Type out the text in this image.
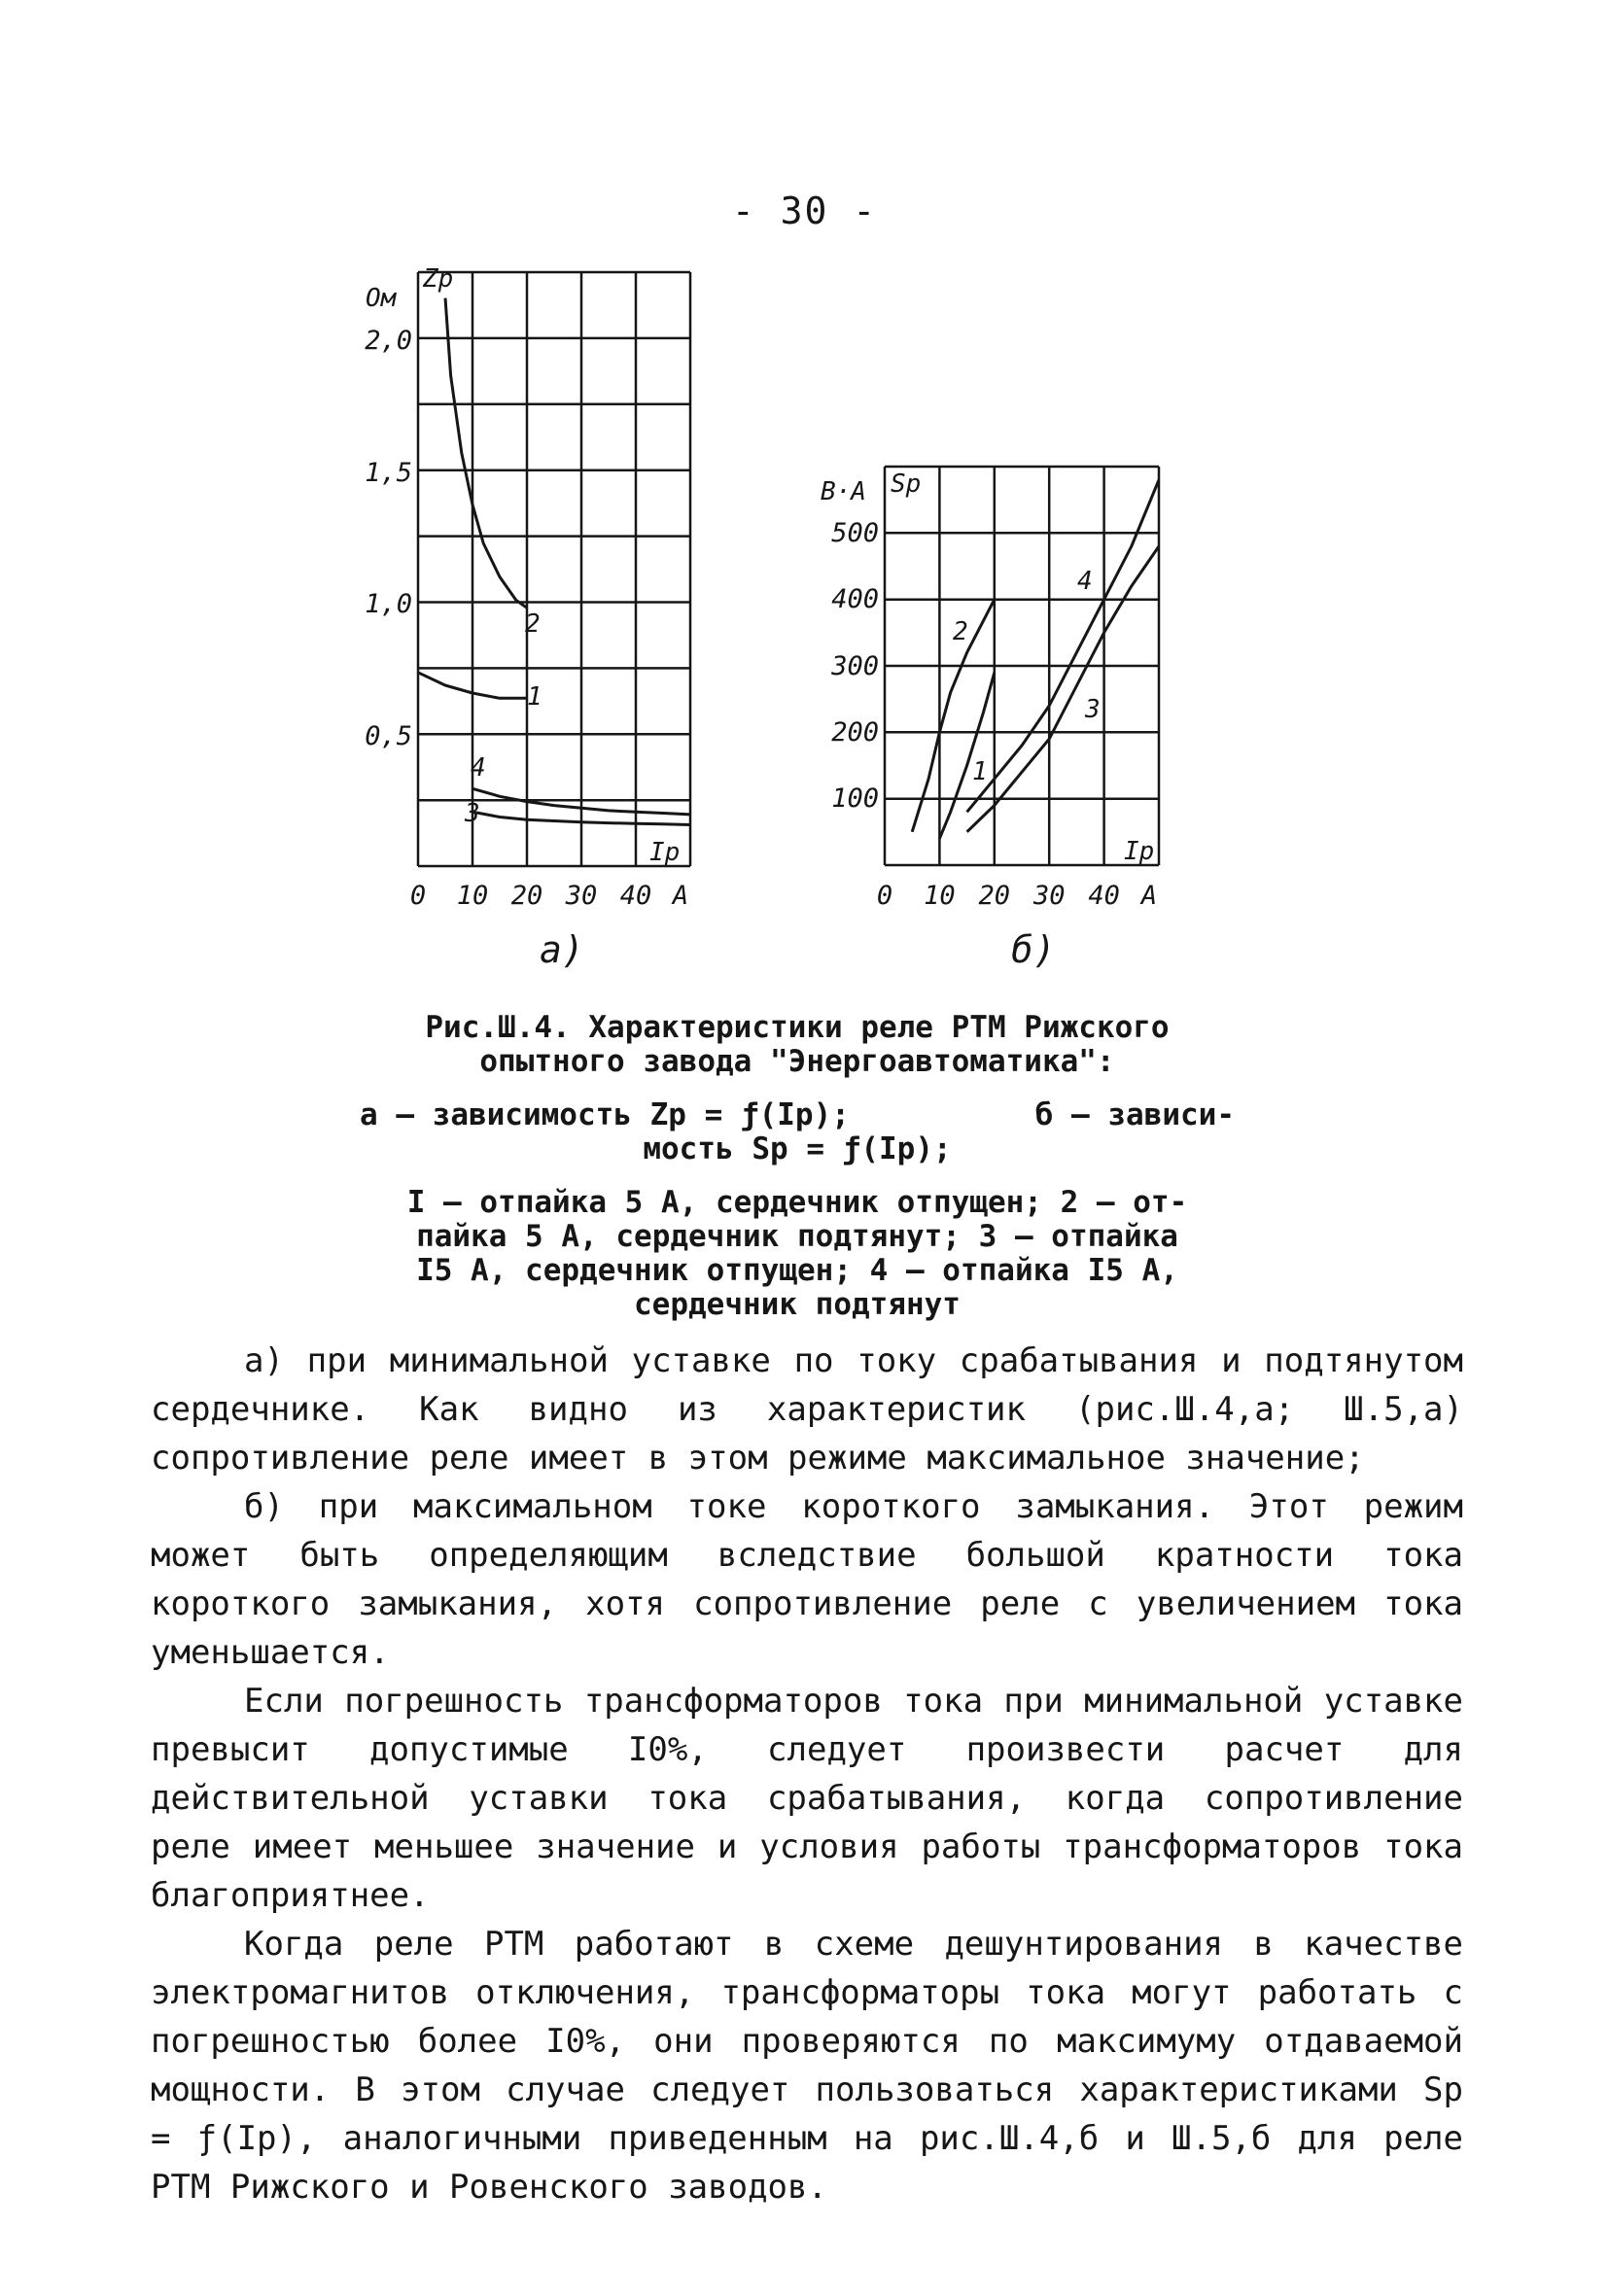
- 30 -
2,0
1,5
1,0
0,5
Ом
Zр
Iр
0 10 20 30 40 А
1
2
3
4
а)
500
400
300
200
100
В·А Sр
Iр
0 10 20 30 40 А
1
2
3
4
б)

Рис.Ш.4. Характеристики реле РТМ Рижского

опытного завода "Энергоавтоматика":

а – зависимость Zр = ƒ(Iр);	б – зависи-

мость Sр = ƒ(Iр);

I – отпайка 5 А, сердечник отпущен; 2 – от-

пайка 5 А, сердечник подтянут; 3 – отпайка

I5 А, сердечник отпущен; 4 – отпайка I5 А,

сердечник подтянут

а) при минимальной уставке по току срабатывания и подтянутом сердечнике. Как видно из характеристик (рис.Ш.4,а; Ш.5,а) сопротивление реле имеет в этом режиме максимальное значение;

б) при максимальном токе короткого замыкания. Этот режим может быть определяющим вследствие большой кратности тока короткого замыкания, хотя сопротивление реле с увеличением тока уменьшается.

Если погрешность трансформаторов тока при минимальной уставке превысит допустимые I0%, следует произвести расчет для действительной уставки тока срабатывания, когда сопротивление реле имеет меньшее значение и условия работы трансформаторов тока благоприятнее.

Когда реле РТМ работают в схеме дешунтирования в качестве электромагнитов отключения, трансформаторы тока могут работать с погрешностью более I0%, они проверяются по максимуму отдаваемой мощности. В этом случае следует пользоваться характеристиками Sр = ƒ(Iр), аналогичными приведенным на рис.Ш.4,б и Ш.5,б для реле РТМ Рижского и Ровенского заводов.
